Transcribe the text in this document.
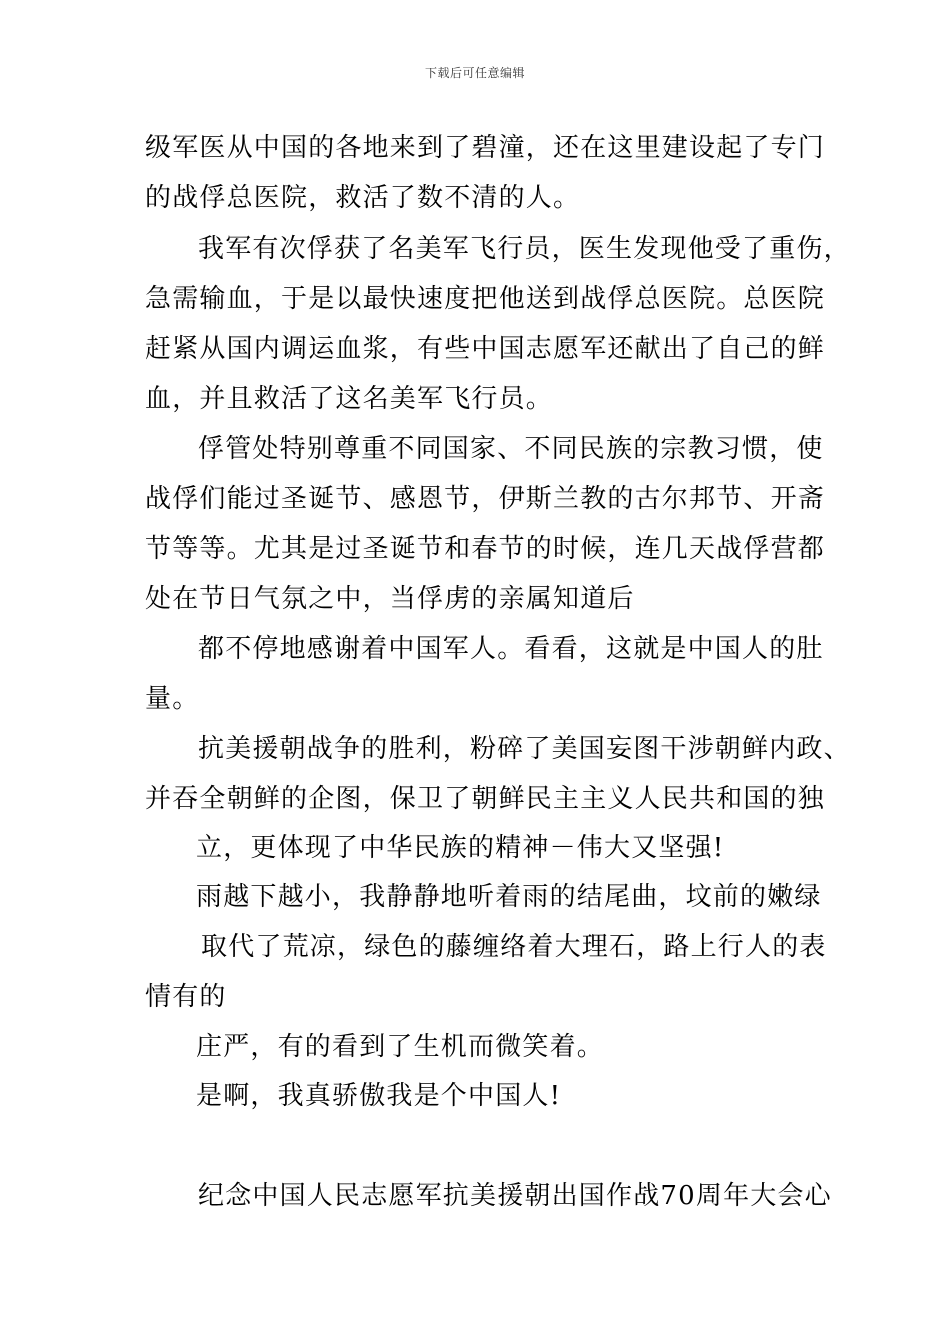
下载后可任意编辑
级军医从中国的各地来到了碧潼，还在这里建设起了专门
的战俘总医院，救活了数不清的人。
我军有次俘获了名美军飞行员，医生发现他受了重伤，
急需输血，于是以最快速度把他送到战俘总医院。总医院
赶紧从国内调运血浆，有些中国志愿军还献出了自己的鲜
血，并且救活了这名美军飞行员。
俘管处特别尊重不同国家、不同民族的宗教习惯，使
战俘们能过圣诞节、感恩节，伊斯兰教的古尔邦节、开斋
节等等。尤其是过圣诞节和春节的时候，连几天战俘营都
处在节日气氛之中，当俘虏的亲属知道后
都不停地感谢着中国军人。看看，这就是中国人的肚
量。
抗美援朝战争的胜利，粉碎了美国妄图干涉朝鲜内政、
并吞全朝鲜的企图，保卫了朝鲜民主主义人民共和国的独
立，更体现了中华民族的精神－伟大又坚强!
雨越下越小，我静静地听着雨的结尾曲，坟前的嫩绿
取代了荒凉，绿色的藤缠络着大理石，路上行人的表
情有的
庄严，有的看到了生机而微笑着。
是啊，我真骄傲我是个中国人!
纪念中国人民志愿军抗美援朝出国作战70周年大会心
